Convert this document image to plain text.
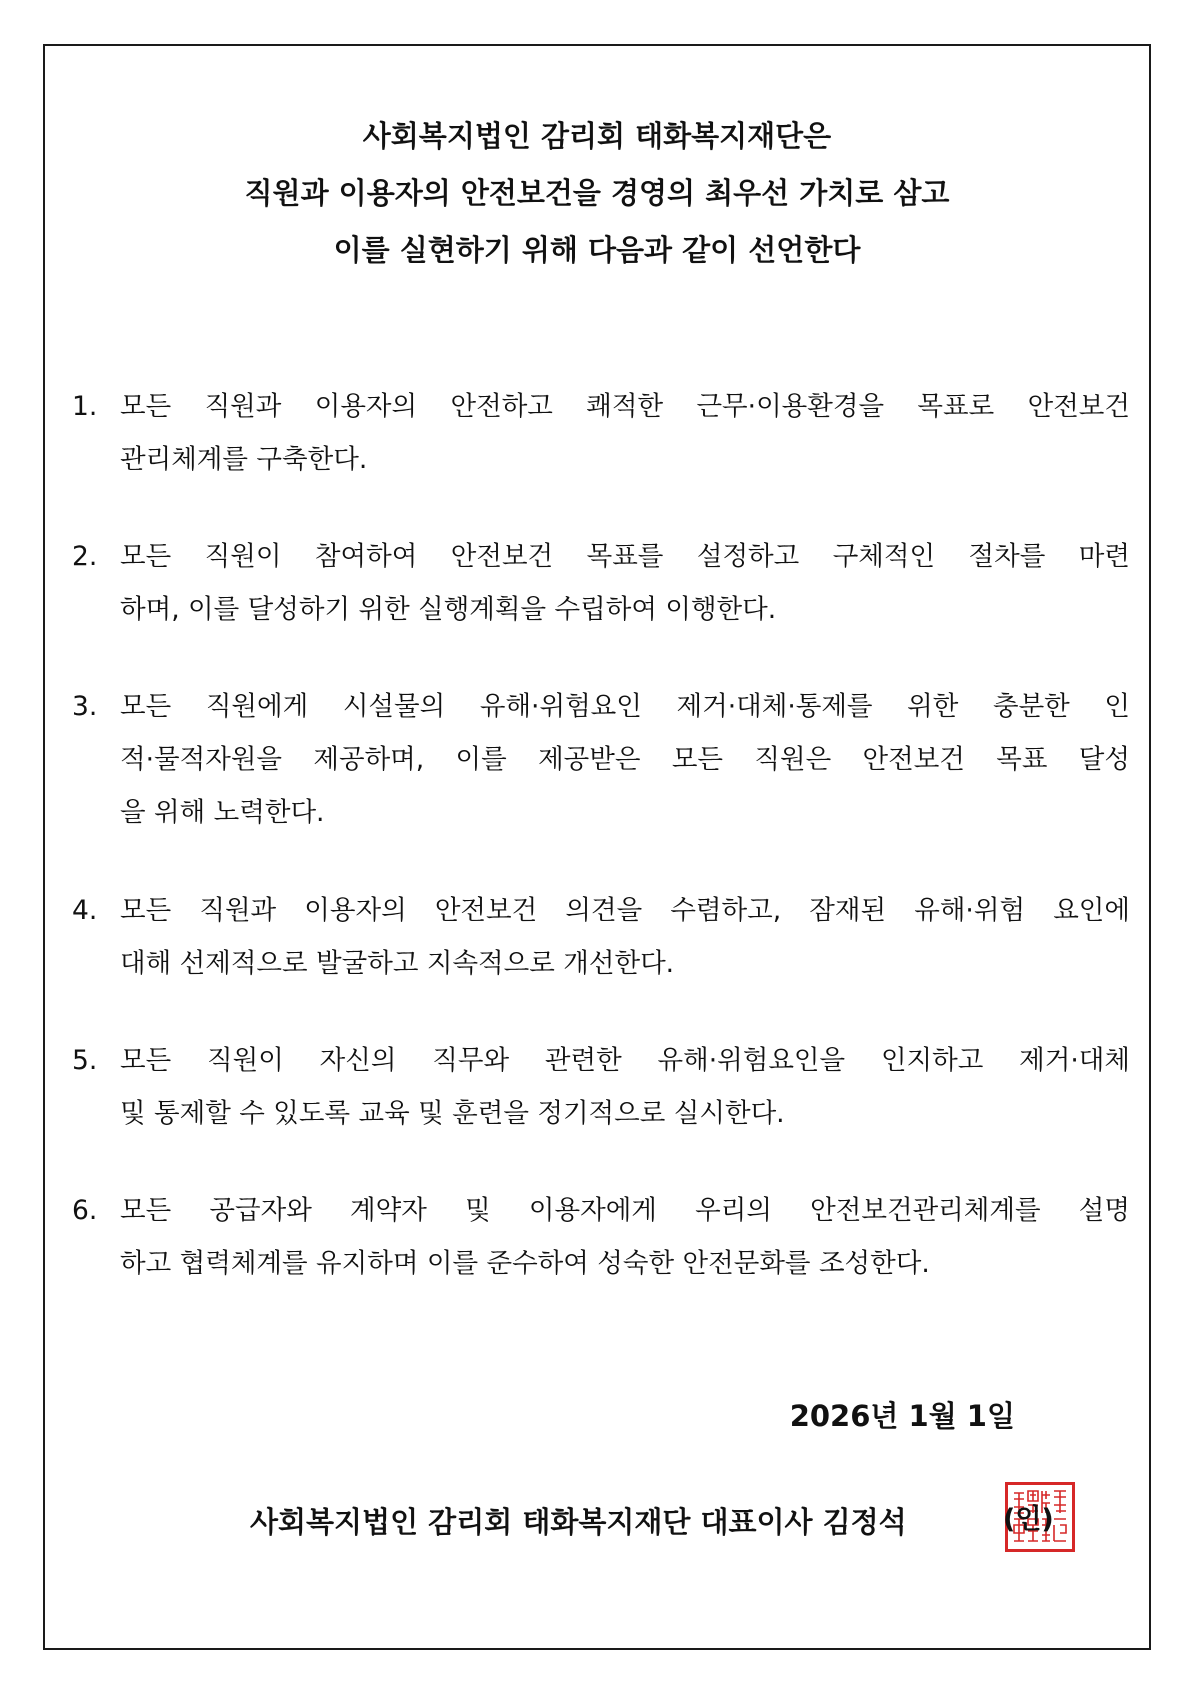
사회복지법인 감리회 태화복지재단은
직원과 이용자의 안전보건을 경영의 최우선 가치로 삼고
이를 실현하기 위해 다음과 같이 선언한다
1. 모든 직원과 이용자의 안전하고 쾌적한 근무·이용환경을 목표로 안전보건
관리체계를 구축한다.
2. 모든 직원이 참여하여 안전보건 목표를 설정하고 구체적인 절차를 마련
하며, 이를 달성하기 위한 실행계획을 수립하여 이행한다.
3. 모든 직원에게 시설물의 유해·위험요인 제거·대체·통제를 위한 충분한 인
적·물적자원을 제공하며, 이를 제공받은 모든 직원은 안전보건 목표 달성
을 위해 노력한다.
4. 모든 직원과 이용자의 안전보건 의견을 수렴하고, 잠재된 유해·위험 요인에
대해 선제적으로 발굴하고 지속적으로 개선한다.
5. 모든 직원이 자신의 직무와 관련한 유해·위험요인을 인지하고 제거·대체
및 통제할 수 있도록 교육 및 훈련을 정기적으로 실시한다.
6. 모든 공급자와 계약자 및 이용자에게 우리의 안전보건관리체계를 설명
하고 협력체계를 유지하며 이를 준수하여 성숙한 안전문화를 조성한다.
2026년 1월 1일
사회복지법인 감리회 태화복지재단 대표이사 김정석	(인)
